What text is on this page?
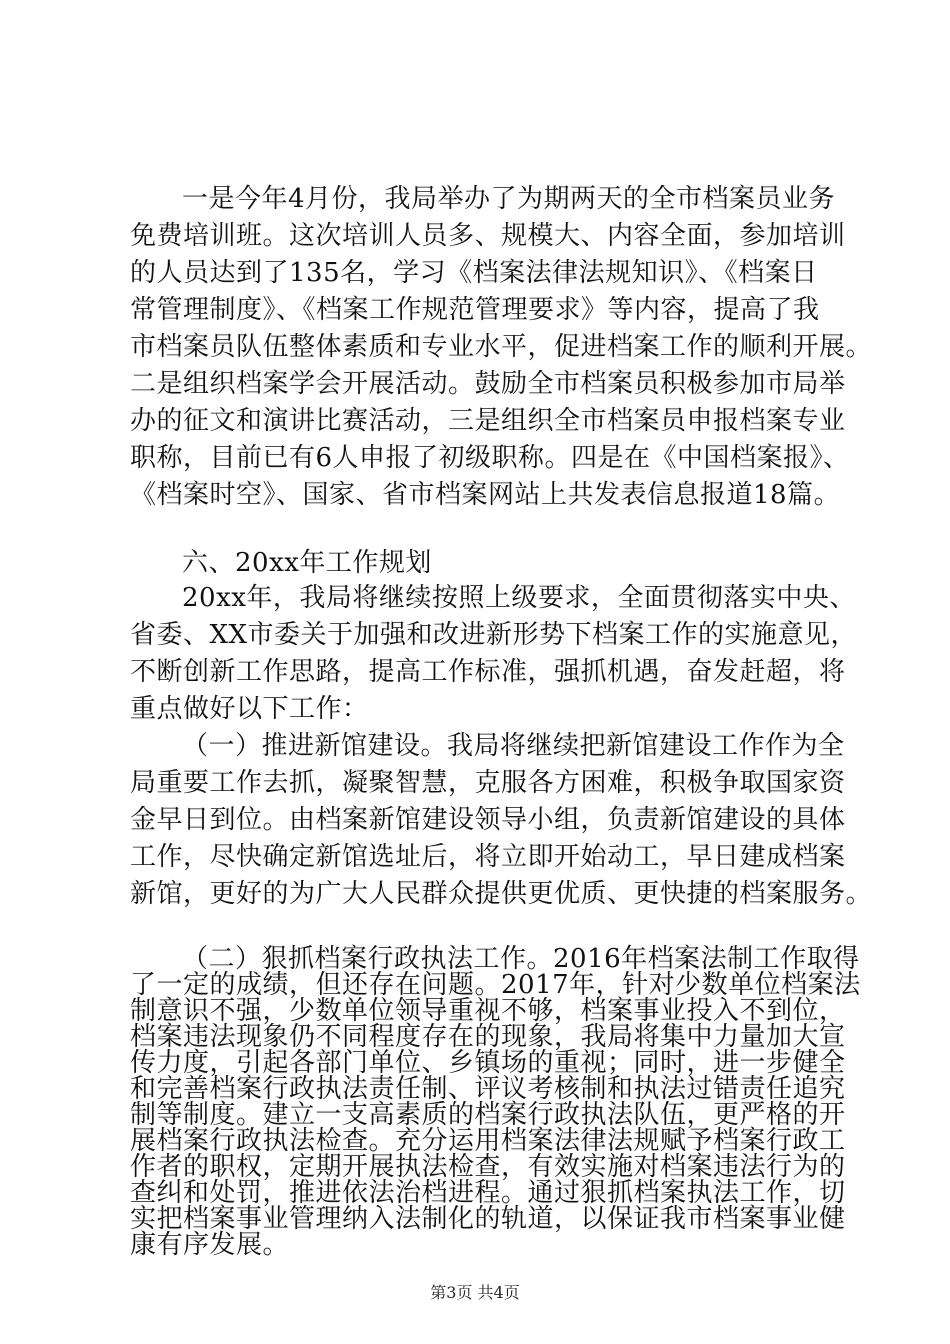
一是今年4月份，我局举办了为期两天的全市档案员业务
免费培训班。这次培训人员多、规模大、内容全面，参加培训
的人员达到了135名，学习《档案法律法规知识》、《档案日
常管理制度》、《档案工作规范管理要求》等内容，提高了我
市档案员队伍整体素质和专业水平，促进档案工作的顺利开展。
二是组织档案学会开展活动。鼓励全市档案员积极参加市局举
办的征文和演讲比赛活动，三是组织全市档案员申报档案专业
职称，目前已有6人申报了初级职称。四是在《中国档案报》、
《档案时空》、国家、省市档案网站上共发表信息报道18篇。
六、20xx年工作规划
20xx年，我局将继续按照上级要求，全面贯彻落实中央、
省委、XX市委关于加强和改进新形势下档案工作的实施意见，
不断创新工作思路，提高工作标准，强抓机遇，奋发赶超，将
重点做好以下工作：
（一）推进新馆建设。我局将继续把新馆建设工作作为全
局重要工作去抓，凝聚智慧，克服各方困难，积极争取国家资
金早日到位。由档案新馆建设领导小组，负责新馆建设的具体
工作，尽快确定新馆选址后，将立即开始动工，早日建成档案
新馆，更好的为广大人民群众提供更优质、更快捷的档案服务。
（二）狠抓档案行政执法工作。2016年档案法制工作取得
了一定的成绩，但还存在问题。2017年，针对少数单位档案法
制意识不强，少数单位领导重视不够，档案事业投入不到位，
档案违法现象仍不同程度存在的现象，我局将集中力量加大宣
传力度，引起各部门单位、乡镇场的重视；同时，进一步健全
和完善档案行政执法责任制、评议考核制和执法过错责任追究
制等制度。建立一支高素质的档案行政执法队伍，更严格的开
展档案行政执法检查。充分运用档案法律法规赋予档案行政工
作者的职权，定期开展执法检查，有效实施对档案违法行为的
第3页 共4页
查纠和处罚，推进依法治档进程。通过狠抓档案执法工作，切
实把档案事业管理纳入法制化的轨道，以保证我市档案事业健
康有序发展。
